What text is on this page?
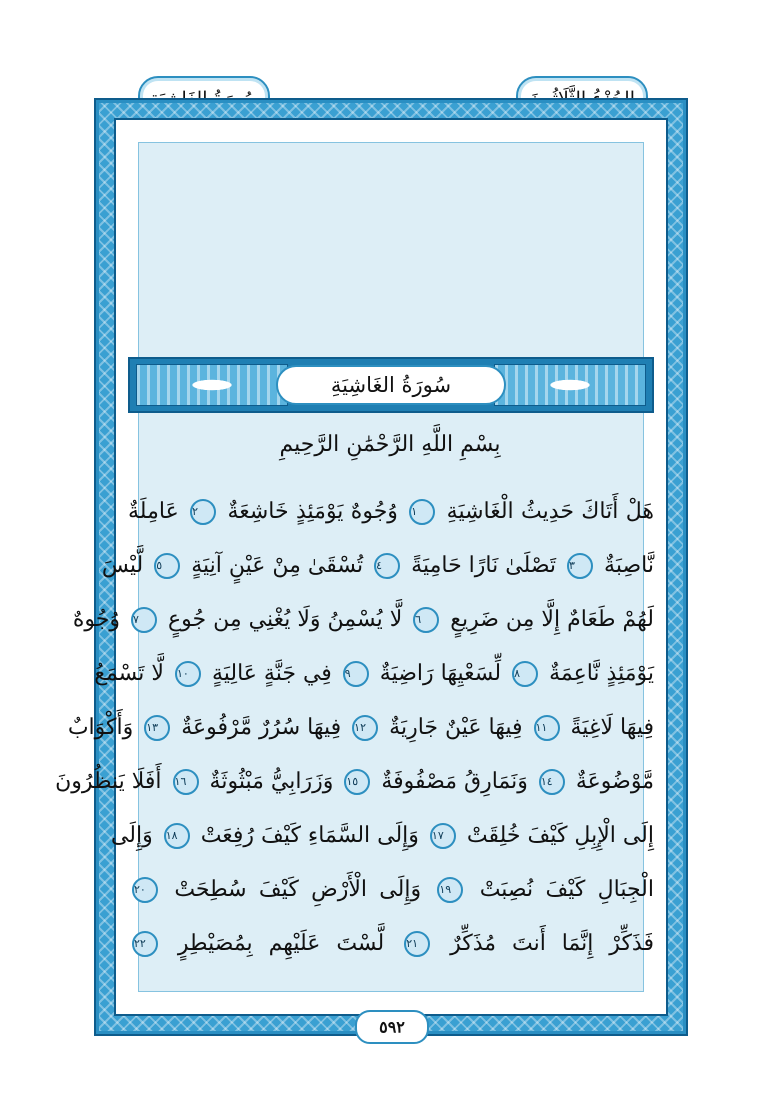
سُورَةُ الغَاشِيَةِ
بِسْمِ اللَّهِ الرَّحْمَٰنِ الرَّحِيمِ
هَلْ أَتَاكَ حَدِيثُ الْغَاشِيَةِ ١ وُجُوهٌ يَوْمَئِذٍ خَاشِعَةٌ ٢ عَامِلَةٌ
نَّاصِبَةٌ ٣ تَصْلَىٰ نَارًا حَامِيَةً ٤ تُسْقَىٰ مِنْ عَيْنٍ آنِيَةٍ ٥ لَّيْسَ
لَهُمْ طَعَامٌ إِلَّا مِن ضَرِيعٍ ٦ لَّا يُسْمِنُ وَلَا يُغْنِي مِن جُوعٍ ٧ وُجُوهٌ
يَوْمَئِذٍ نَّاعِمَةٌ ٨ لِّسَعْيِهَا رَاضِيَةٌ ٩ فِي جَنَّةٍ عَالِيَةٍ ١٠ لَّا تَسْمَعُ
فِيهَا لَاغِيَةً ١١ فِيهَا عَيْنٌ جَارِيَةٌ ١٢ فِيهَا سُرُرٌ مَّرْفُوعَةٌ ١٣ وَأَكْوَابٌ
مَّوْضُوعَةٌ ١٤ وَنَمَارِقُ مَصْفُوفَةٌ ١٥ وَزَرَابِيُّ مَبْثُوثَةٌ ١٦ أَفَلَا يَنظُرُونَ
إِلَى الْإِبِلِ كَيْفَ خُلِقَتْ ١٧ وَإِلَى السَّمَاءِ كَيْفَ رُفِعَتْ ١٨ وَإِلَى
الْجِبَالِ كَيْفَ نُصِبَتْ ١٩ وَإِلَى الْأَرْضِ كَيْفَ سُطِحَتْ ٢٠
فَذَكِّرْ إِنَّمَا أَنتَ مُذَكِّرٌ ٢١ لَّسْتَ عَلَيْهِم بِمُصَيْطِرٍ ٢٢
٥٩٢
